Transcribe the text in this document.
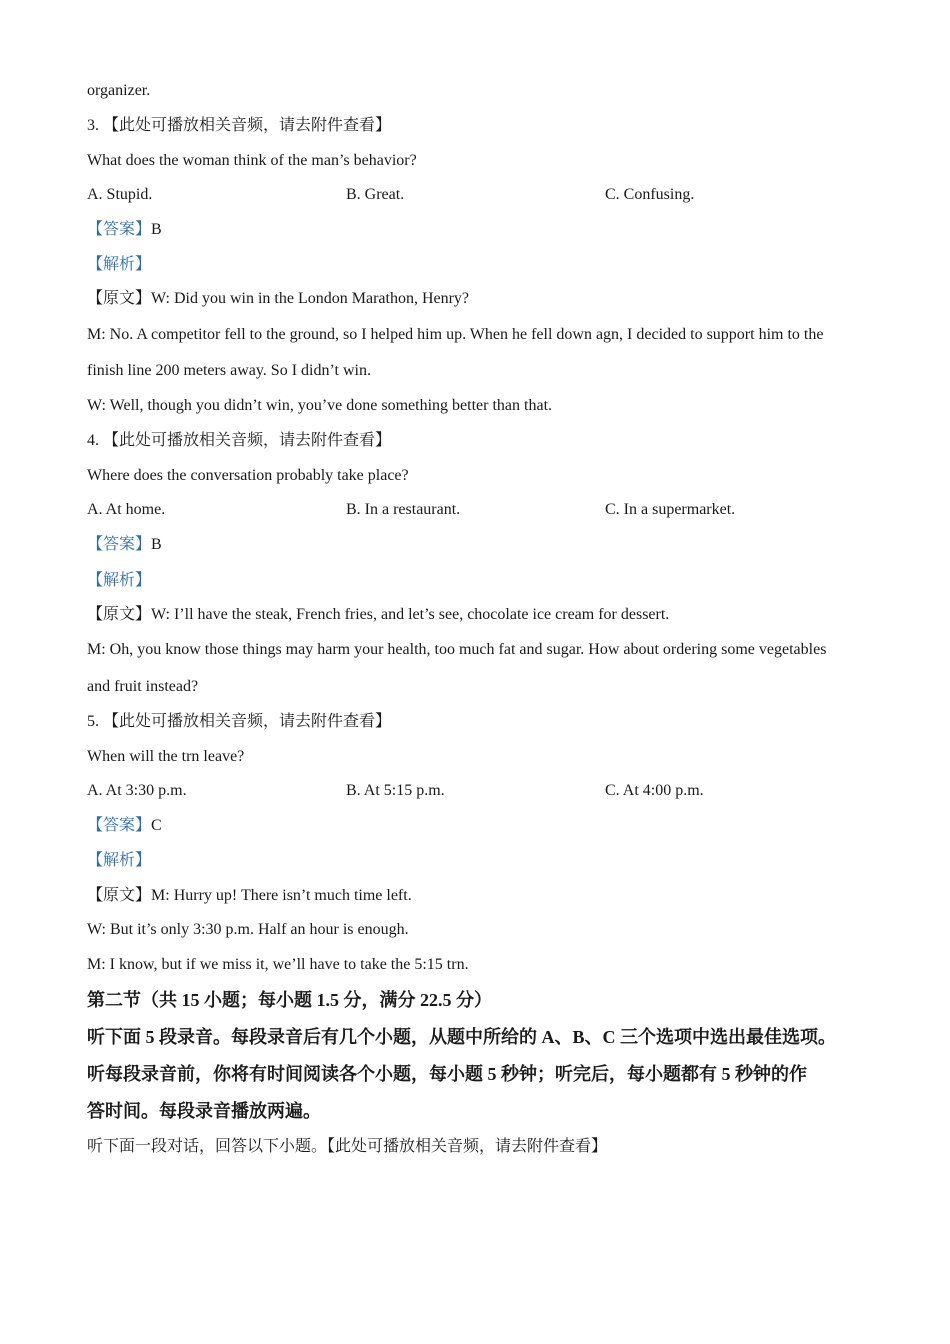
organizer.
3. 【此处可播放相关音频，请去附件查看】
What does the woman think of the man’s behavior?
A. Stupid.	B. Great.	C. Confusing.
【答案】B
【解析】
【原文】W: Did you win in the London Marathon, Henry?
M: No. A competitor fell to the ground, so I helped him up. When he fell down agn, I decided to support him to the
finish line 200 meters away. So I didn’t win.
W: Well, though you didn’t win, you’ve done something better than that.
4. 【此处可播放相关音频，请去附件查看】
Where does the conversation probably take place?
A. At home.	B. In a restaurant.	C. In a supermarket.
【答案】B
【解析】
【原文】W: I’ll have the steak, French fries, and let’s see, chocolate ice cream for dessert.
M: Oh, you know those things may harm your health, too much fat and sugar. How about ordering some vegetables
and fruit instead?
5. 【此处可播放相关音频，请去附件查看】
When will the trn leave?
A. At 3:30 p.m.	B. At 5:15 p.m.	C. At 4:00 p.m.
【答案】C
【解析】
【原文】M: Hurry up! There isn’t much time left.
W: But it’s only 3:30 p.m. Half an hour is enough.
M: I know, but if we miss it, we’ll have to take the 5:15 trn.
第二节（共 15 小题；每小题 1.5 分，满分 22.5 分）
听下面 5 段录音。每段录音后有几个小题，从题中所给的 A、B、C 三个选项中选出最佳选项。
听每段录音前，你将有时间阅读各个小题，每小题 5 秒钟；听完后，每小题都有 5 秒钟的作
答时间。每段录音播放两遍。
听下面一段对话，回答以下小题。【此处可播放相关音频，请去附件查看】
